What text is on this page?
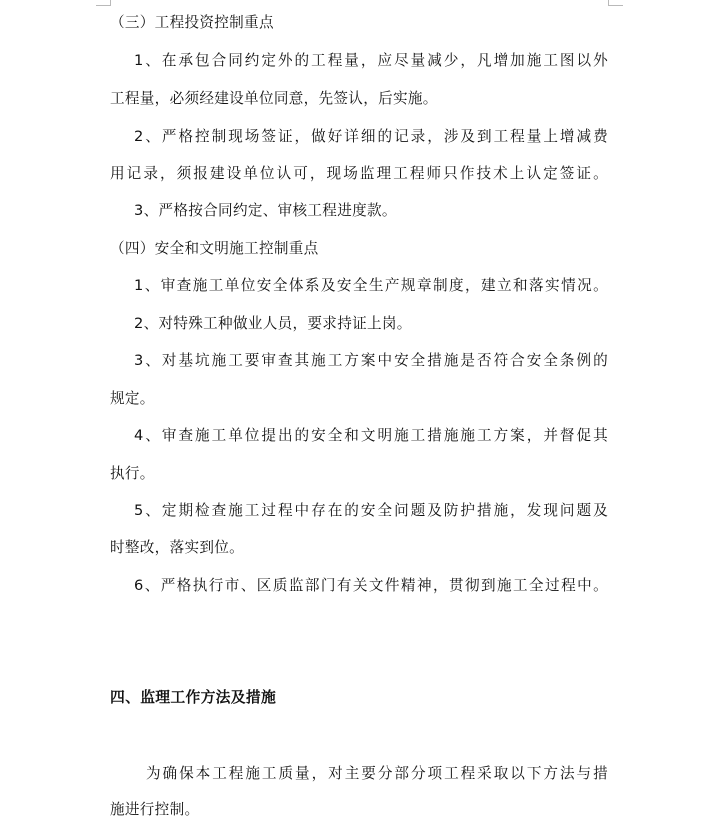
（三）工程投资控制重点
1、在承包合同约定外的工程量，应尽量减少，凡增加施工图以外
工程量，必须经建设单位同意，先签认，后实施。
2、严格控制现场签证，做好详细的记录，涉及到工程量上增减费
用记录，须报建设单位认可，现场监理工程师只作技术上认定签证。
3、严格按合同约定、审核工程进度款。
（四）安全和文明施工控制重点
1、审查施工单位安全体系及安全生产规章制度，建立和落实情况。
2、对特殊工种做业人员，要求持证上岗。
3、对基坑施工要审查其施工方案中安全措施是否符合安全条例的
规定。
4、审查施工单位提出的安全和文明施工措施施工方案，并督促其
执行。
5、定期检查施工过程中存在的安全问题及防护措施，发现问题及
时整改，落实到位。
6、严格执行市、区质监部门有关文件精神，贯彻到施工全过程中。
四、监理工作方法及措施
为确保本工程施工质量，对主要分部分项工程采取以下方法与措
施进行控制。
